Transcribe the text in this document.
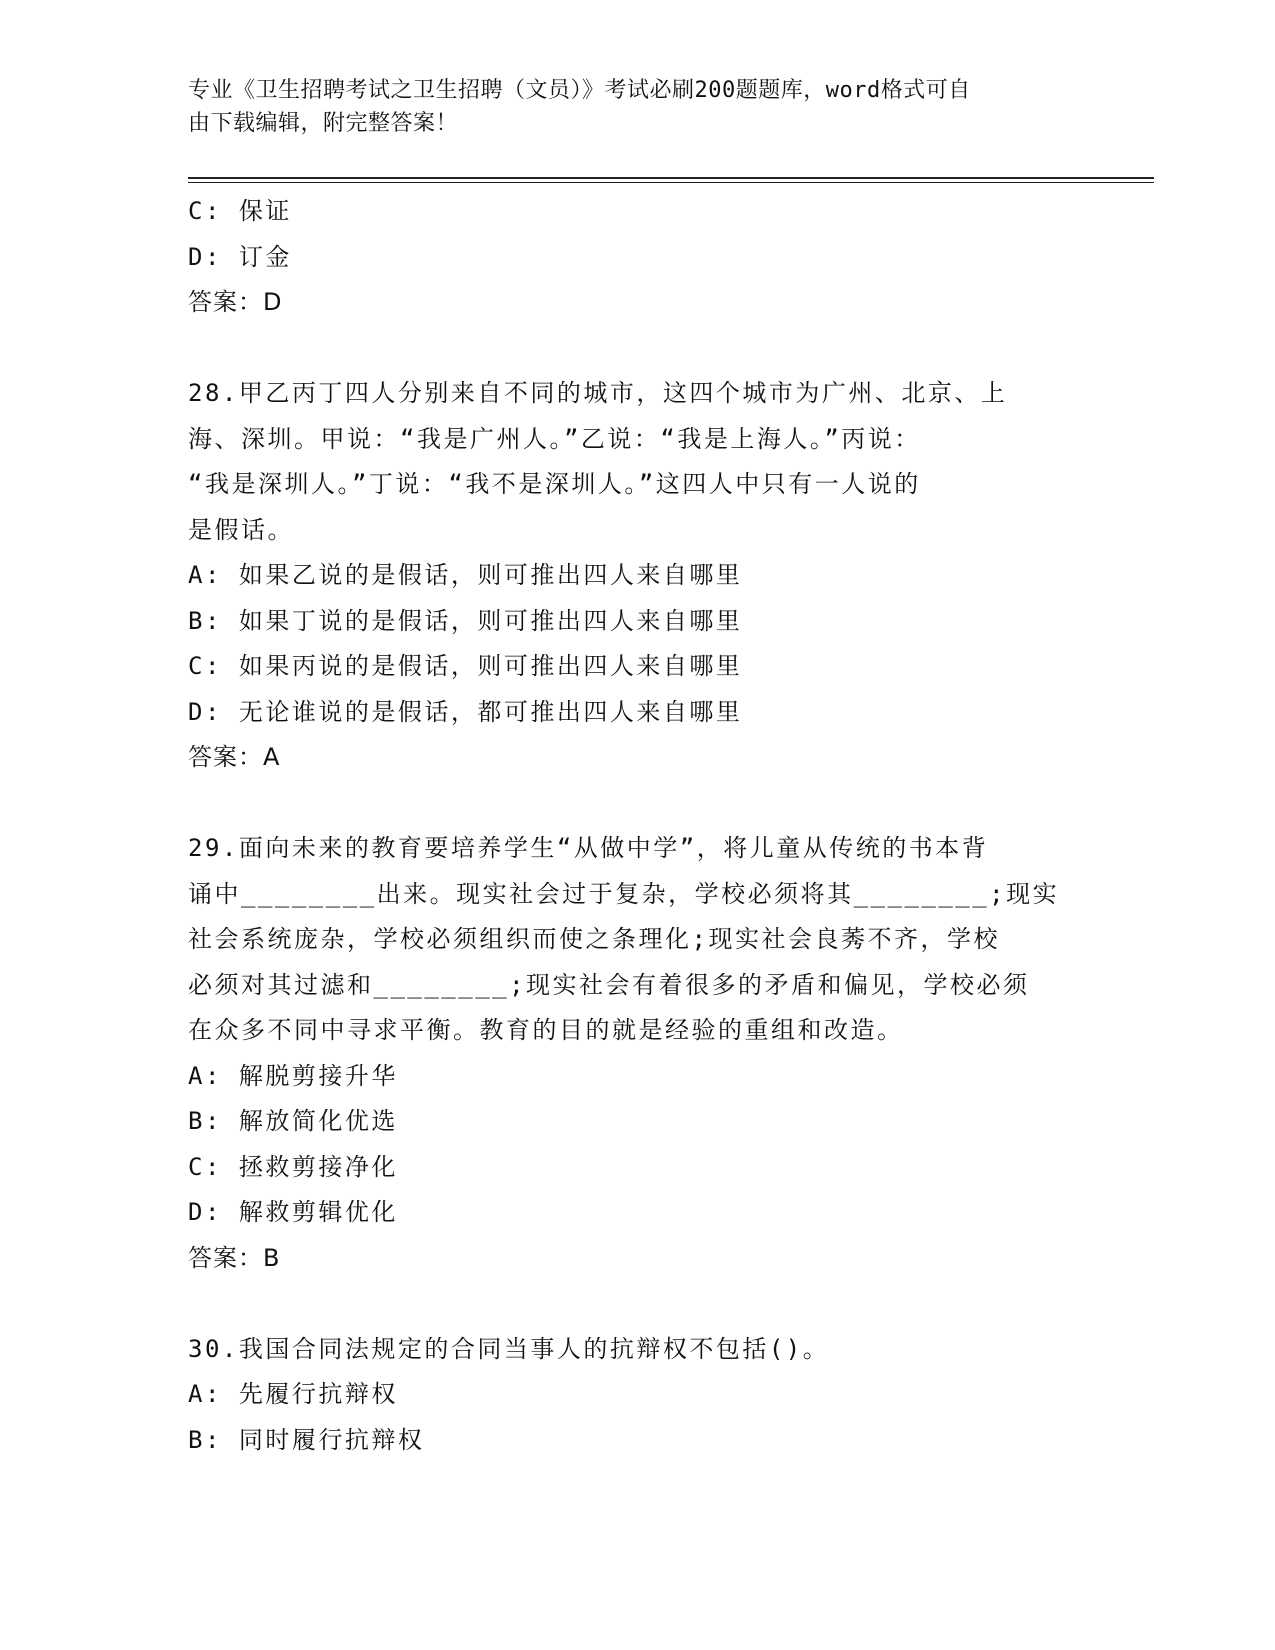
专业《卫生招聘考试之卫生招聘（文员）》考试必刷200题题库，word格式可自
由下载编辑，附完整答案！
C: 保证
D: 订金
答案：D
28.甲乙丙丁四人分别来自不同的城市，这四个城市为广州、北京、上
海、深圳。甲说：“我是广州人。”乙说：“我是上海人。”丙说：
“我是深圳人。”丁说：“我不是深圳人。”这四人中只有一人说的
是假话。
A: 如果乙说的是假话，则可推出四人来自哪里
B: 如果丁说的是假话，则可推出四人来自哪里
C: 如果丙说的是假话，则可推出四人来自哪里
D: 无论谁说的是假话，都可推出四人来自哪里
答案：A
29.面向未来的教育要培养学生“从做中学”，将儿童从传统的书本背
诵中________出来。现实社会过于复杂，学校必须将其________;现实
社会系统庞杂，学校必须组织而使之条理化;现实社会良莠不齐，学校
必须对其过滤和________;现实社会有着很多的矛盾和偏见，学校必须
在众多不同中寻求平衡。教育的目的就是经验的重组和改造。
A: 解脱剪接升华
B: 解放简化优选
C: 拯救剪接净化
D: 解救剪辑优化
答案：B
30.我国合同法规定的合同当事人的抗辩权不包括()。
A: 先履行抗辩权
B: 同时履行抗辩权
